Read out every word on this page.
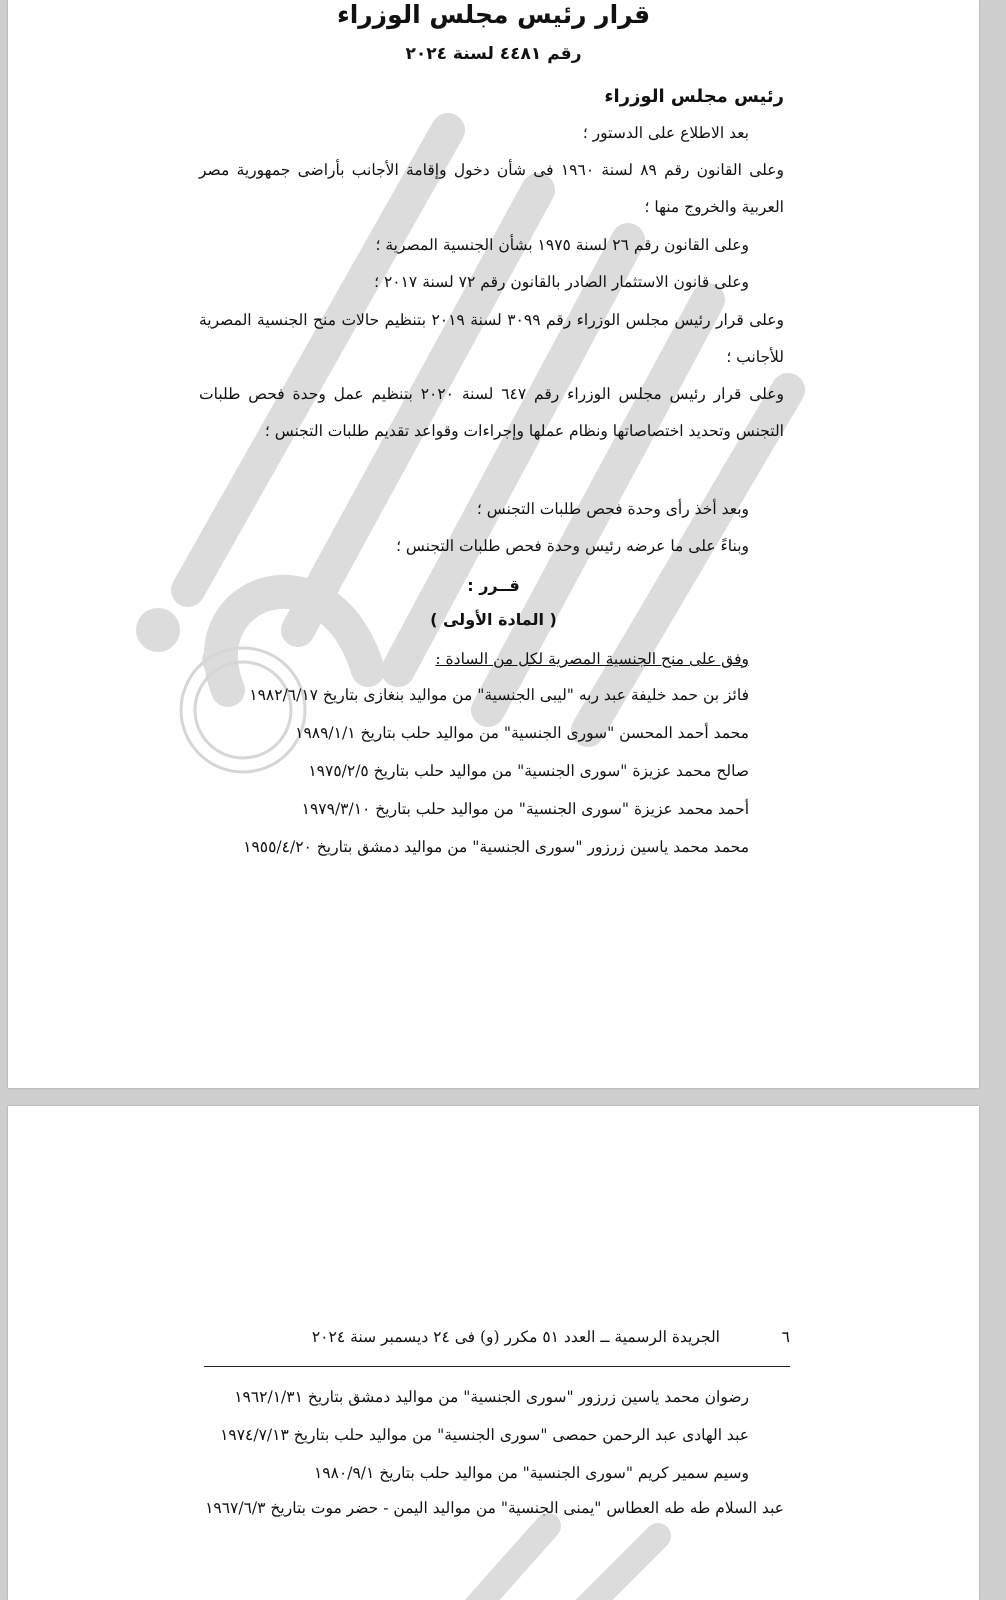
قرار رئيس مجلس الوزراء
رقم ٤٤٨١ لسنة ٢٠٢٤
رئيس مجلس الوزراء
بعد الاطلاع على الدستور ؛
وعلى القانون رقم ٨٩ لسنة ١٩٦٠ فى شأن دخول وإقامة الأجانب بأراضى جمهورية مصر العربية والخروج منها ؛
وعلى القانون رقم ٢٦ لسنة ١٩٧٥ بشأن الجنسية المصرية ؛
وعلى قانون الاستثمار الصادر بالقانون رقم ٧٢ لسنة ٢٠١٧ ؛
وعلى قرار رئيس مجلس الوزراء رقم ٣٠٩٩ لسنة ٢٠١٩ بتنظيم حالات منح الجنسية المصرية للأجانب ؛
وعلى قرار رئيس مجلس الوزراء رقم ٦٤٧ لسنة ٢٠٢٠ بتنظيم عمل وحدة فحص طلبات التجنس وتحديد اختصاصاتها ونظام عملها وإجراءات وقواعد تقديم طلبات التجنس ؛
وبعد أخذ رأى وحدة فحص طلبات التجنس ؛
وبناءً على ما عرضه رئيس وحدة فحص طلبات التجنس ؛
قــرر :
( المادة الأولى )
وفق على منح الجنسية المصرية لكل من السادة :
فائز بن حمد خليفة عبد ربه "ليبى الجنسية" من مواليد بنغازى بتاريخ ١٩٨٢/٦/١٧
محمد أحمد المحسن "سورى الجنسية" من مواليد حلب بتاريخ ١٩٨٩/١/١
صالح محمد عزيزة "سورى الجنسية" من مواليد حلب بتاريخ ١٩٧٥/٢/٥
أحمد محمد عزيزة "سورى الجنسية" من مواليد حلب بتاريخ ١٩٧٩/٣/١٠
محمد محمد ياسين زرزور "سورى الجنسية" من مواليد دمشق بتاريخ ١٩٥٥/٤/٢٠
٦
الجريدة الرسمية ــ العدد ٥١ مكرر (و) فى ٢٤ ديسمبر سنة ٢٠٢٤
رضوان محمد ياسين زرزور "سورى الجنسية" من مواليد دمشق بتاريخ ١٩٦٢/١/٣١
عبد الهادى عبد الرحمن حمصى "سورى الجنسية" من مواليد حلب بتاريخ ١٩٧٤/٧/١٣
وسيم سمير كريم "سورى الجنسية" من مواليد حلب بتاريخ ١٩٨٠/٩/١
عبد السلام طه طه العطاس "يمنى الجنسية" من مواليد اليمن - حضر موت بتاريخ ١٩٦٧/٦/٣
